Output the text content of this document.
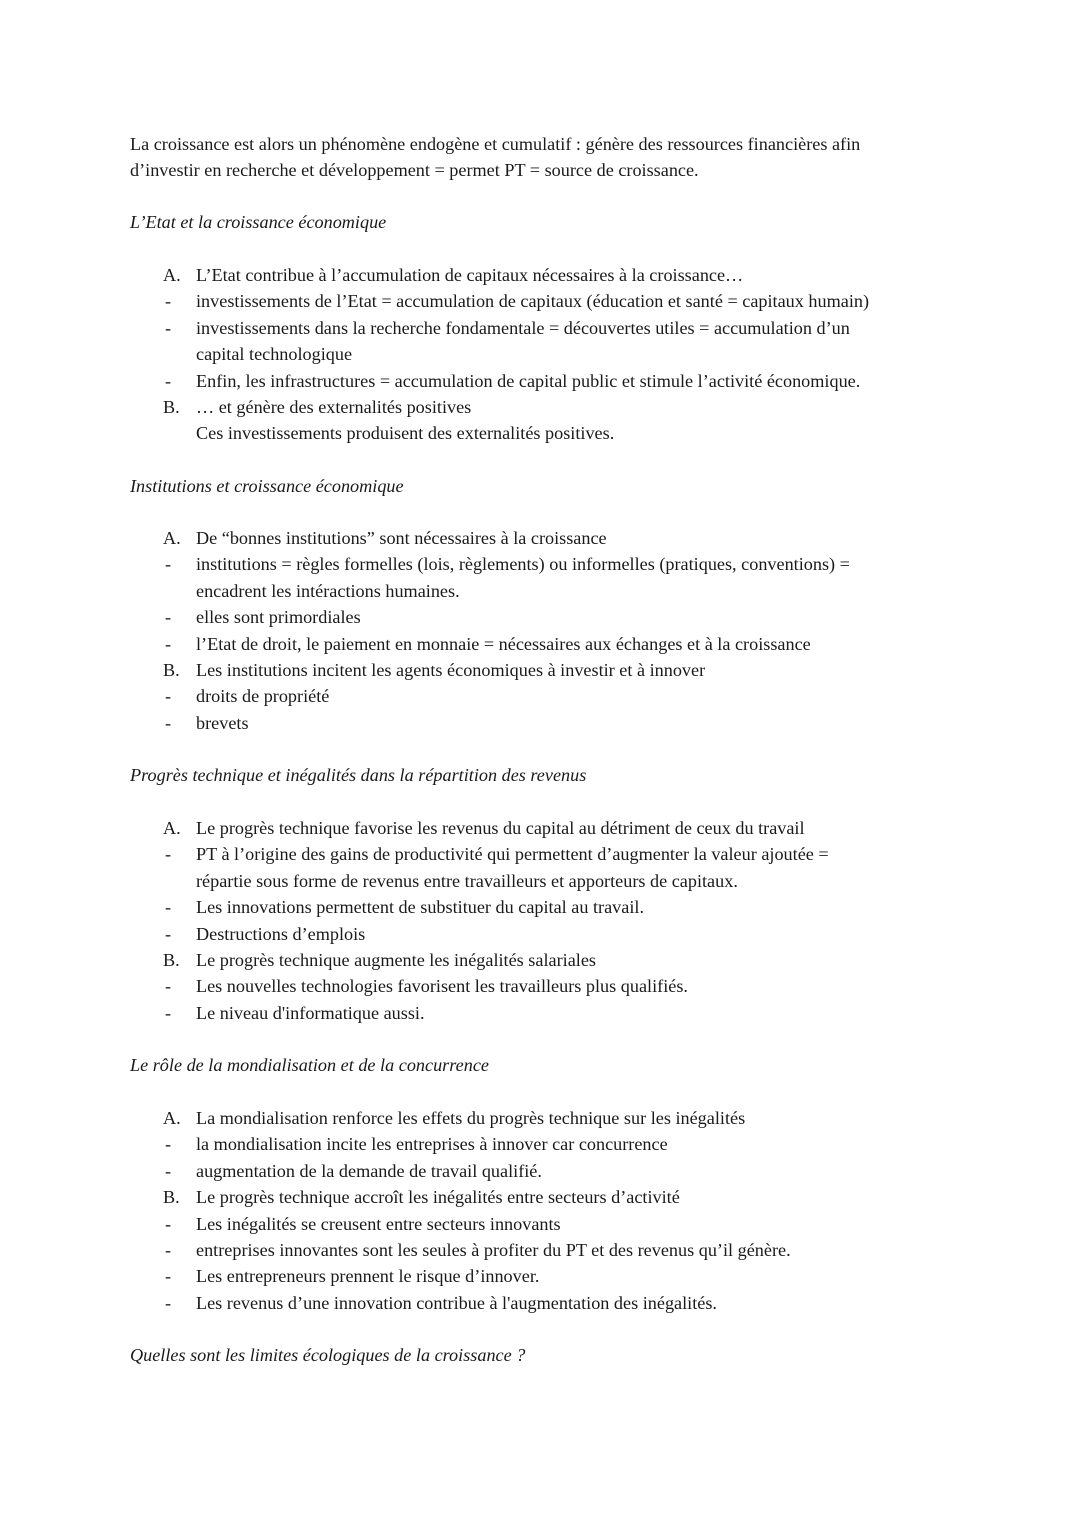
La croissance est alors un phénomène endogène et cumulatif : génère des ressources financières afin
d’investir en recherche et développement = permet PT = source de croissance.

L’Etat et la croissance économique

A. L’Etat contribue à l’accumulation de capitaux nécessaires à la croissance…
- investissements de l’Etat = accumulation de capitaux (éducation et santé = capitaux humain)
- investissements dans la recherche fondamentale = découvertes utiles = accumulation d’un
capital technologique
- Enfin, les infrastructures = accumulation de capital public et stimule l’activité économique.
B. … et génère des externalités positives
Ces investissements produisent des externalités positives.

Institutions et croissance économique

A. De “bonnes institutions” sont nécessaires à la croissance
- institutions = règles formelles (lois, règlements) ou informelles (pratiques, conventions) =
encadrent les intéractions humaines.
- elles sont primordiales
- l’Etat de droit, le paiement en monnaie = nécessaires aux échanges et à la croissance
B. Les institutions incitent les agents économiques à investir et à innover
- droits de propriété
- brevets

Progrès technique et inégalités dans la répartition des revenus

A. Le progrès technique favorise les revenus du capital au détriment de ceux du travail
- PT à l’origine des gains de productivité qui permettent d’augmenter la valeur ajoutée =
répartie sous forme de revenus entre travailleurs et apporteurs de capitaux.
- Les innovations permettent de substituer du capital au travail.
- Destructions d’emplois
B. Le progrès technique augmente les inégalités salariales
- Les nouvelles technologies favorisent les travailleurs plus qualifiés.
- Le niveau d'informatique aussi.

Le rôle de la mondialisation et de la concurrence

A. La mondialisation renforce les effets du progrès technique sur les inégalités
- la mondialisation incite les entreprises à innover car concurrence
- augmentation de la demande de travail qualifié.
B. Le progrès technique accroît les inégalités entre secteurs d’activité
- Les inégalités se creusent entre secteurs innovants
- entreprises innovantes sont les seules à profiter du PT et des revenus qu’il génère.
- Les entrepreneurs prennent le risque d’innover.
- Les revenus d’une innovation contribue à l'augmentation des inégalités.

Quelles sont les limites écologiques de la croissance ?
